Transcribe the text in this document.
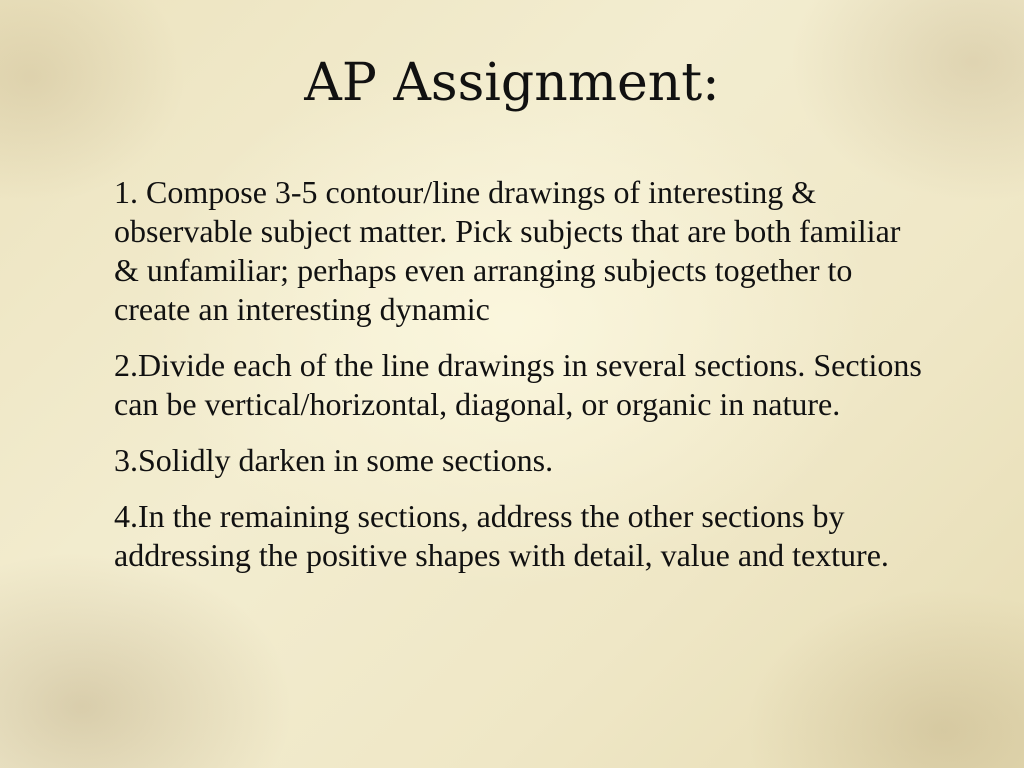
AP Assignment:
1. Compose 3-5 contour/line drawings of interesting & observable subject matter. Pick subjects that are both familiar & unfamiliar; perhaps even arranging subjects together to create an interesting dynamic
2.Divide each of the line drawings in several sections. Sections can be vertical/horizontal, diagonal, or organic in nature.
3.Solidly darken in some sections.
4.In the remaining sections, address the other sections by addressing the positive shapes with detail, value and texture.
